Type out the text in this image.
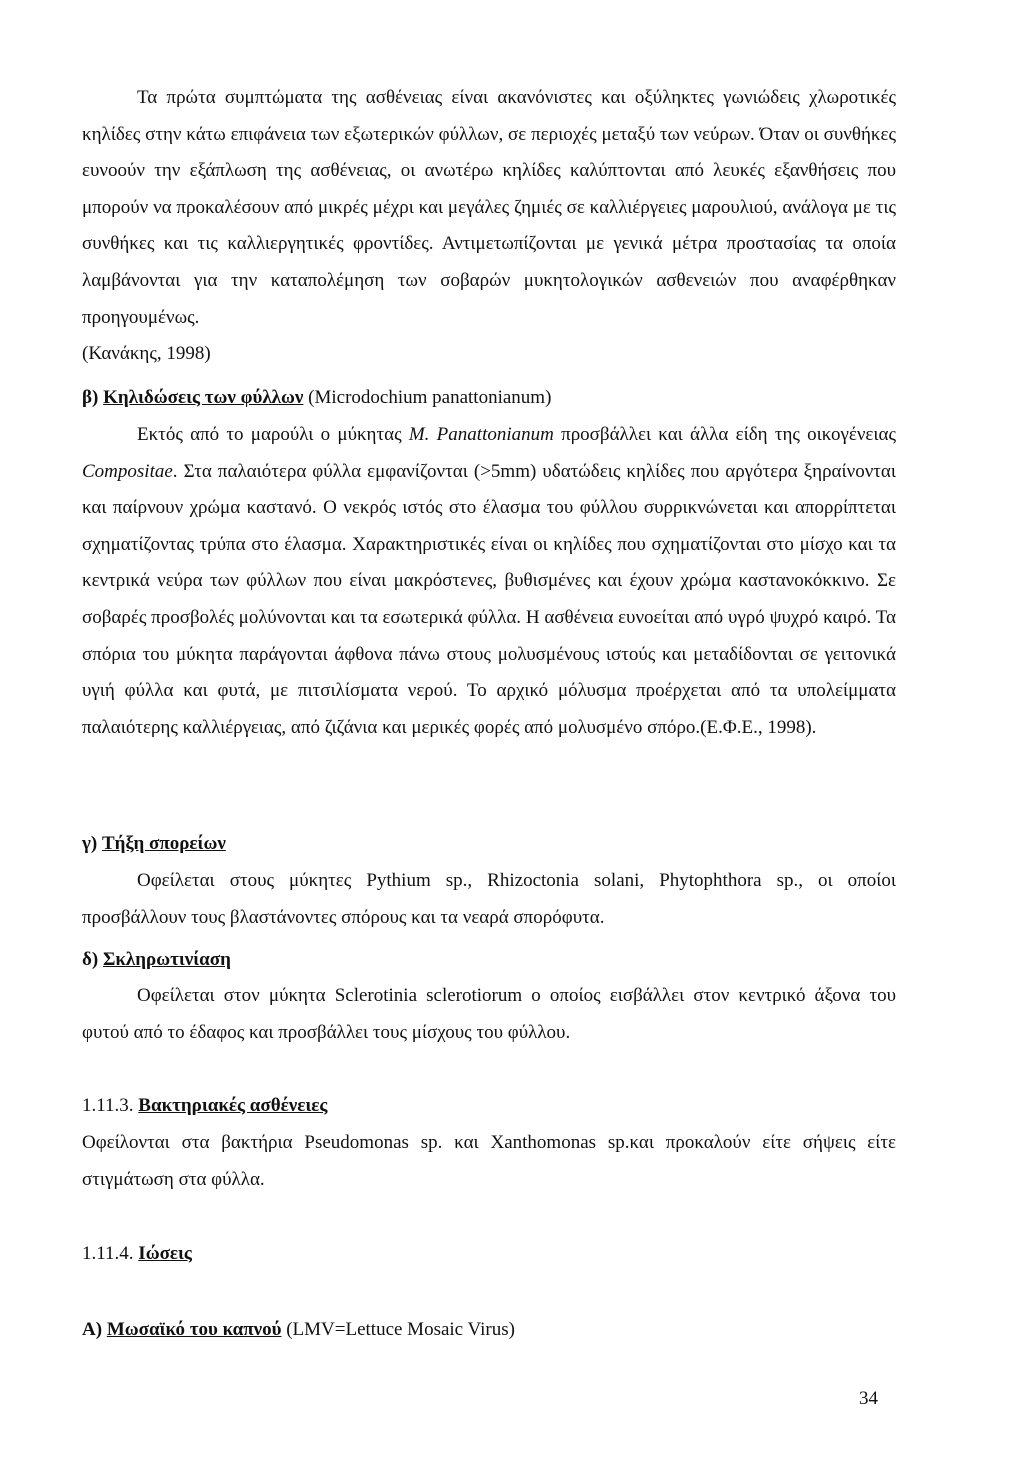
Τα πρώτα συμπτώματα της ασθένειας είναι ακανόνιστες και οξύληκτες γωνιώδεις χλωροτικές κηλίδες στην κάτω επιφάνεια των εξωτερικών φύλλων, σε περιοχές μεταξύ των νεύρων. Όταν οι συνθήκες ευνοούν την εξάπλωση της ασθένειας, οι ανωτέρω κηλίδες καλύπτονται από λευκές εξανθήσεις που μπορούν να προκαλέσουν από μικρές μέχρι και μεγάλες ζημιές σε καλλιέργειες μαρουλιού, ανάλογα με τις συνθήκες και τις καλλιεργητικές φροντίδες. Αντιμετωπίζονται με γενικά μέτρα προστασίας τα οποία λαμβάνονται για την καταπολέμηση των σοβαρών μυκητολογικών ασθενειών που αναφέρθηκαν προηγουμένως.

(Κανάκης, 1998)

β) Κηλιδώσεις των φύλλων (Microdochium panattonianum)

Εκτός από το μαρούλι ο μύκητας M. Panattonianum προσβάλλει και άλλα είδη της οικογένειας Compositae. Στα παλαιότερα φύλλα εμφανίζονται (>5mm) υδατώδεις κηλίδες που αργότερα ξηραίνονται και παίρνουν χρώμα καστανό. Ο νεκρός ιστός στο έλασμα του φύλλου συρρικνώνεται και απορρίπτεται σχηματίζοντας τρύπα στο έλασμα. Χαρακτηριστικές είναι οι κηλίδες που σχηματίζονται στο μίσχο και τα κεντρικά νεύρα των φύλλων που είναι μακρόστενες, βυθισμένες και έχουν χρώμα καστανοκόκκινο. Σε σοβαρές προσβολές μολύνονται και τα εσωτερικά φύλλα. Η ασθένεια ευνοείται από υγρό ψυχρό καιρό. Τα σπόρια του μύκητα παράγονται άφθονα πάνω στους μολυσμένους ιστούς και μεταδίδονται σε γειτονικά υγιή φύλλα και φυτά, με πιτσιλίσματα νερού. Το αρχικό μόλυσμα προέρχεται από τα υπολείμματα παλαιότερης καλλιέργειας, από ζιζάνια και μερικές φορές από μολυσμένο σπόρο.(Ε.Φ.Ε., 1998).

γ) Τήξη σπορείων

Οφείλεται στους μύκητες Pythium sp., Rhizoctonia solani, Phytophthora sp., οι οποίοι προσβάλλουν τους βλαστάνοντες σπόρους και τα νεαρά σπορόφυτα.

δ) Σκληρωτινίαση

Οφείλεται στον μύκητα Sclerotinia sclerotiorum ο οποίος εισβάλλει στον κεντρικό άξονα του φυτού από το έδαφος και προσβάλλει τους μίσχους του φύλλου.

1.11.3. Βακτηριακές ασθένειες

Οφείλονται στα βακτήρια Pseudomonas sp. και Xanthomonas sp.και προκαλούν είτε σήψεις είτε στιγμάτωση στα φύλλα.

1.11.4. Ιώσεις

Α) Μωσαϊκό του καπνού (LMV=Lettuce Mosaic Virus)

34
